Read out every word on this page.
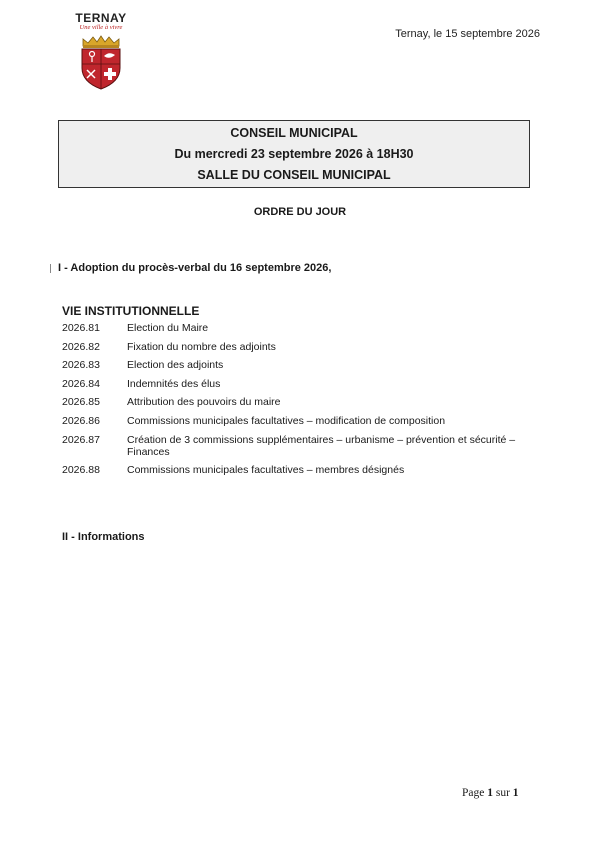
TERNAY
Une ville à vivre
Ternay, le 15 septembre 2026
CONSEIL MUNICIPAL
Du mercredi 23 septembre 2026 à 18H30
SALLE DU CONSEIL MUNICIPAL
ORDRE DU JOUR
I - Adoption du procès-verbal du 16 septembre 2026,
VIE INSTITUTIONNELLE
2026.81	Election du Maire
2026.82	Fixation du nombre des adjoints
2026.83	Election des adjoints
2026.84	Indemnités des élus
2026.85	Attribution des pouvoirs du maire
2026.86	Commissions municipales facultatives – modification de composition
2026.87	Création de 3 commissions supplémentaires – urbanisme – prévention et sécurité – Finances
2026.88	Commissions municipales facultatives – membres désignés
II - Informations
Page 1 sur 1
